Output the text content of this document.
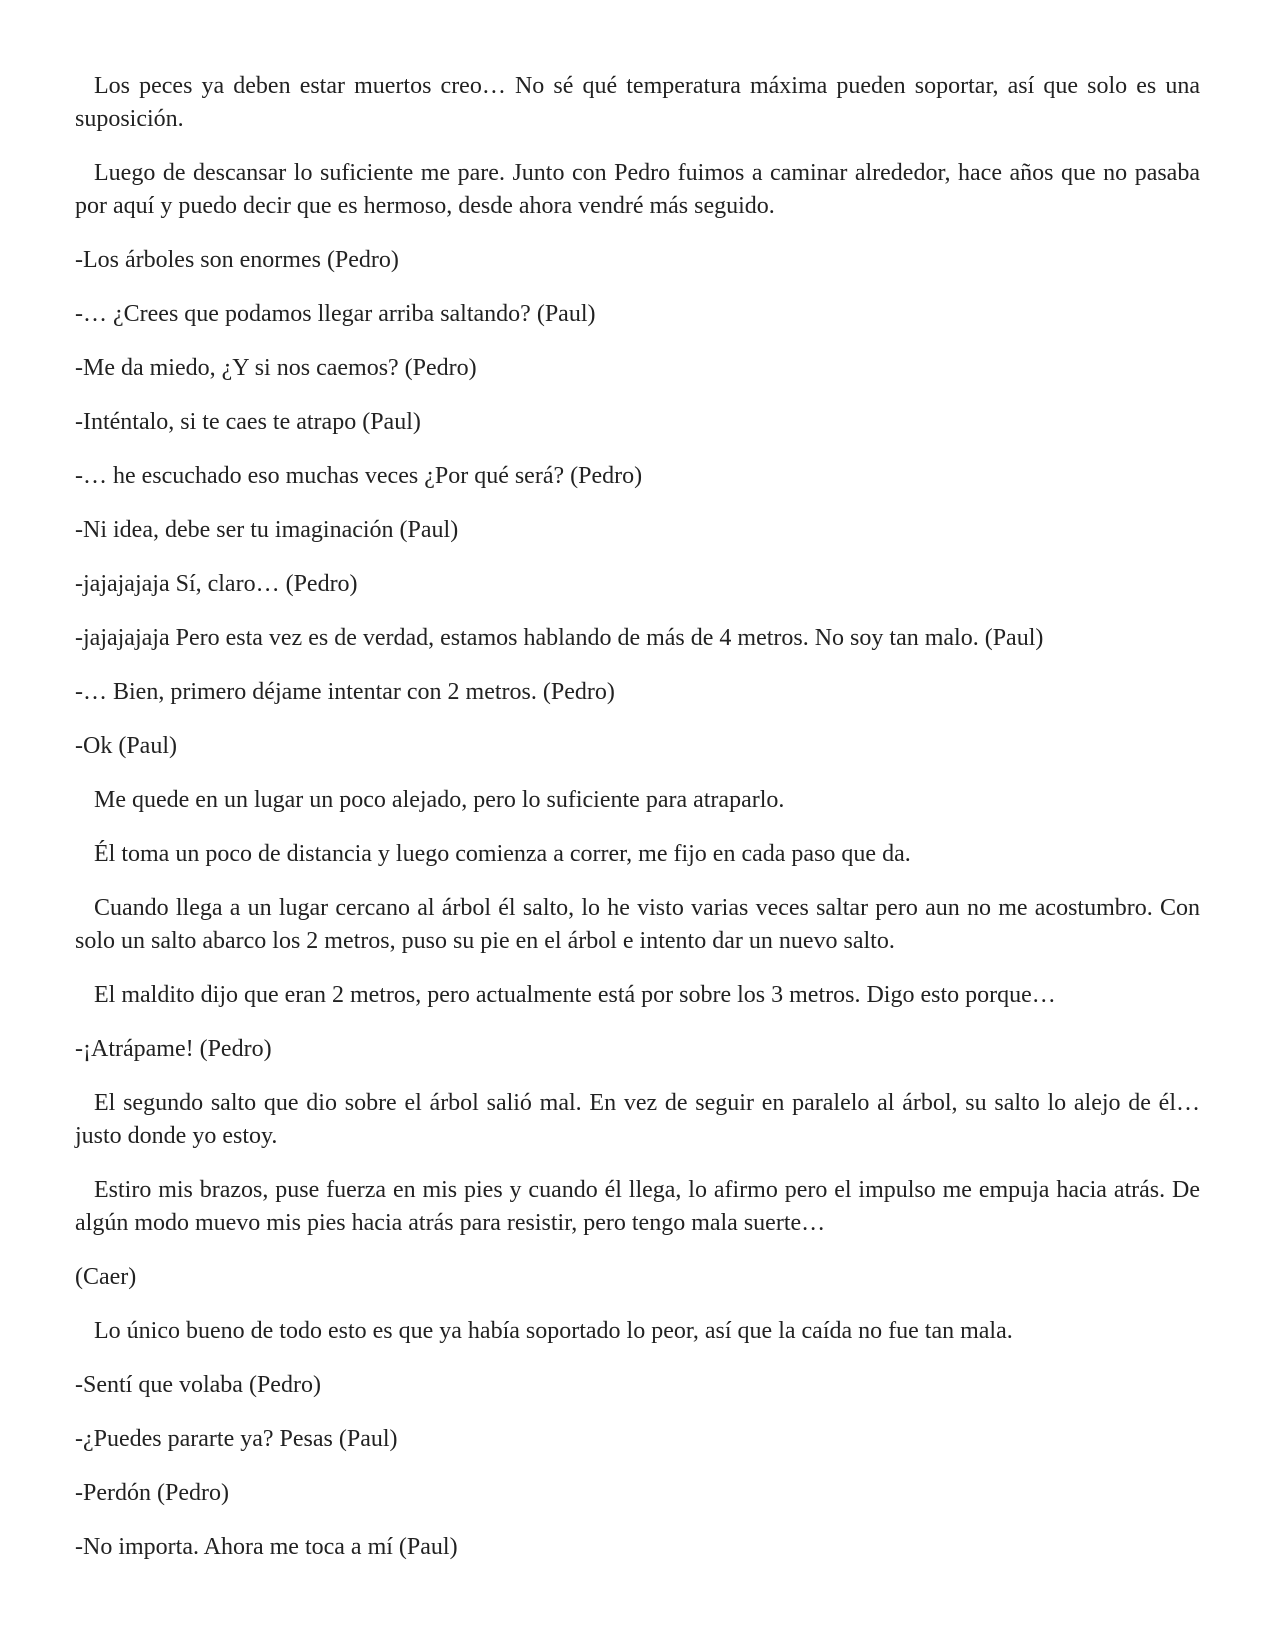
Los peces ya deben estar muertos creo… No sé qué temperatura máxima pueden soportar, así que solo es una suposición.

Luego de descansar lo suficiente me pare. Junto con Pedro fuimos a caminar alrededor, hace años que no pasaba por aquí y puedo decir que es hermoso, desde ahora vendré más seguido.

-Los árboles son enormes (Pedro)

-… ¿Crees que podamos llegar arriba saltando? (Paul)

-Me da miedo, ¿Y si nos caemos? (Pedro)

-Inténtalo, si te caes te atrapo (Paul)

-… he escuchado eso muchas veces ¿Por qué será? (Pedro)

-Ni idea, debe ser tu imaginación (Paul)

-jajajajaja Sí, claro… (Pedro)

-jajajajaja Pero esta vez es de verdad, estamos hablando de más de 4 metros. No soy tan malo. (Paul)

-… Bien, primero déjame intentar con 2 metros. (Pedro)

-Ok (Paul)

Me quede en un lugar un poco alejado, pero lo suficiente para atraparlo.

Él toma un poco de distancia y luego comienza a correr, me fijo en cada paso que da.

Cuando llega a un lugar cercano al árbol él salto, lo he visto varias veces saltar pero aun no me acostumbro. Con solo un salto abarco los 2 metros, puso su pie en el árbol e intento dar un nuevo salto.

El maldito dijo que eran 2 metros, pero actualmente está por sobre los 3 metros. Digo esto porque…

-¡Atrápame! (Pedro)

El segundo salto que dio sobre el árbol salió mal. En vez de seguir en paralelo al árbol, su salto lo alejo de él… justo donde yo estoy.

Estiro mis brazos, puse fuerza en mis pies y cuando él llega, lo afirmo pero el impulso me empuja hacia atrás. De algún modo muevo mis pies hacia atrás para resistir, pero tengo mala suerte…

(Caer)

Lo único bueno de todo esto es que ya había soportado lo peor, así que la caída no fue tan mala.

-Sentí que volaba (Pedro)

-¿Puedes pararte ya? Pesas (Paul)

-Perdón (Pedro)

-No importa. Ahora me toca a mí (Paul)
